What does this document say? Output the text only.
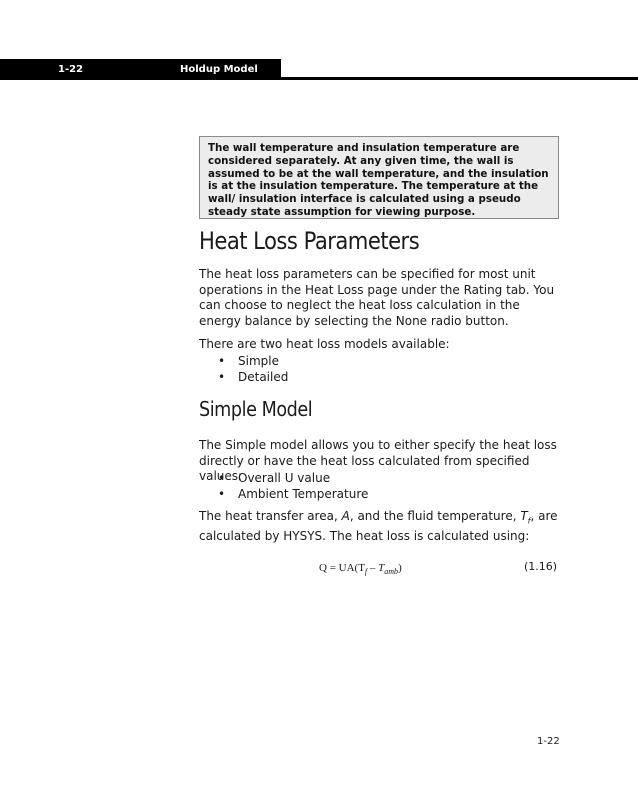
1-22	Holdup Model
The wall temperature and insulation temperature are considered separately. At any given time, the wall is assumed to be at the wall temperature, and the insulation is at the insulation temperature. The temperature at the wall/ insulation interface is calculated using a pseudo steady state assumption for viewing purpose.
Heat Loss Parameters
The heat loss parameters can be specified for most unit operations in the Heat Loss page under the Rating tab. You can choose to neglect the heat loss calculation in the energy balance by selecting the None radio button.
There are two heat loss models available:
• Simple
• Detailed
Simple Model
The Simple model allows you to either specify the heat loss directly or have the heat loss calculated from specified values:
• Overall U value
• Ambient Temperature
The heat transfer area, A, and the fluid temperature, $T_f$, are calculated by HYSYS. The heat loss is calculated using:
$Q = UA(T_f - T_{amb})$	(1.16)
1-22
